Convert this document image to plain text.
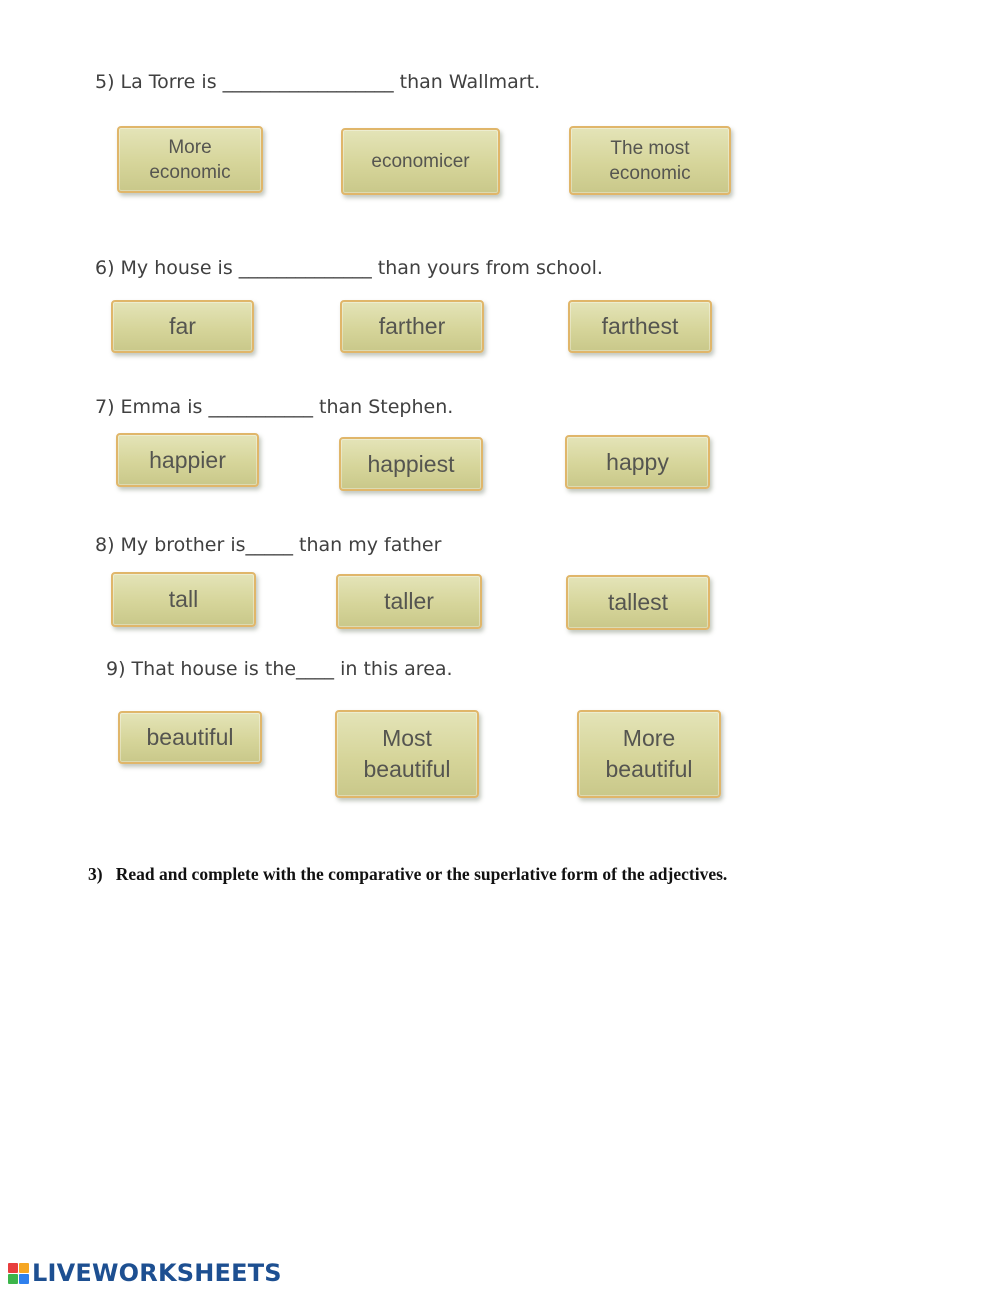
5) La Torre is __________________ than Wallmart.
More
economic	economicer
The most
economic
6) My house is ______________ than yours from school.
far	farther	farthest
7) Emma is ___________ than Stephen.
happier	happiest	happy
8) My brother is_____ than my father
tall	taller	tallest
9) That house is the____ in this area.
beautiful	Most
beautiful
More
beautiful
3) Read and complete with the comparative or the superlative form of the adjectives.
LIVEWORKSHEETS
